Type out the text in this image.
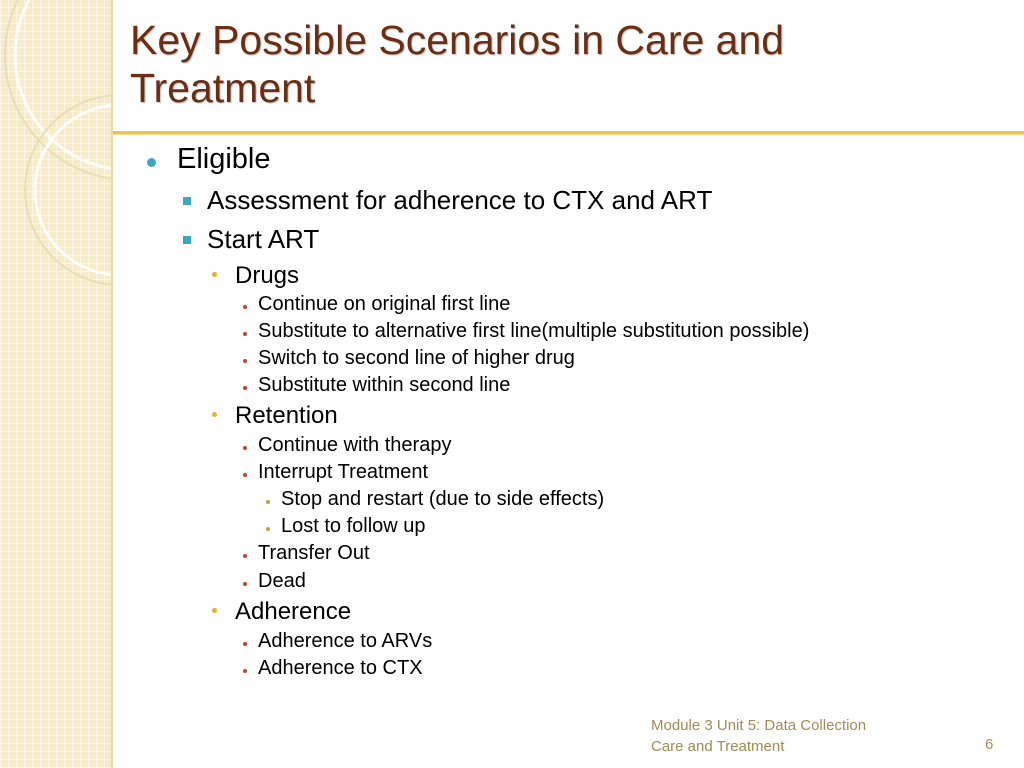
Key Possible Scenarios in Care and Treatment
Eligible
Assessment for adherence to CTX and ART
Start ART
Drugs
Continue on original first line
Substitute to alternative first line(multiple substitution possible)
Switch to second line of higher drug
Substitute within second line
Retention
Continue with therapy
Interrupt Treatment
Stop and restart (due to side effects)
Lost to follow up
Transfer Out
Dead
Adherence
Adherence to ARVs
Adherence to CTX
Module 3 Unit 5: Data Collection
Care and Treatment	6
